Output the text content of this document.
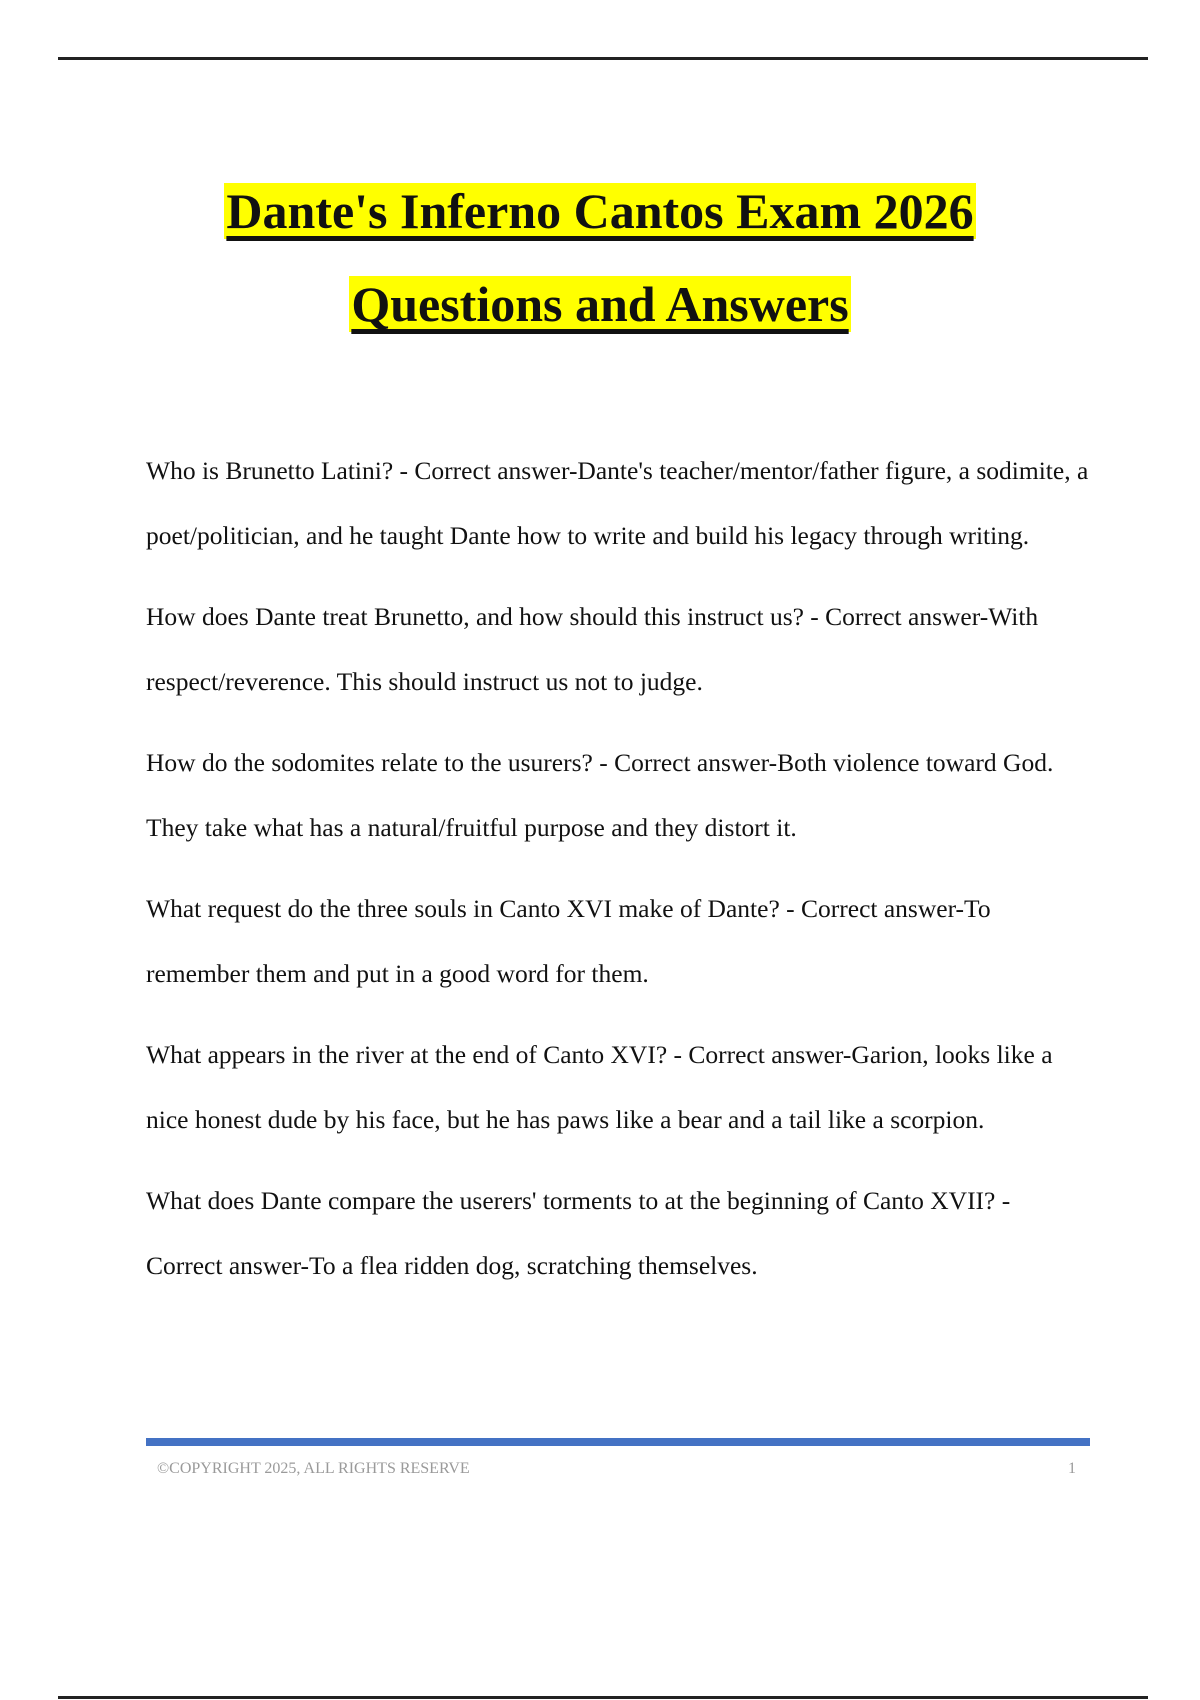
Dante's Inferno Cantos Exam 2026
Questions and Answers

Who is Brunetto Latini? - Correct answer-Dante's teacher/mentor/father figure, a sodimite, a poet/politician, and he taught Dante how to write and build his legacy through writing.

How does Dante treat Brunetto, and how should this instruct us? - Correct answer-With respect/reverence. This should instruct us not to judge.

How do the sodomites relate to the usurers? - Correct answer-Both violence toward God. They take what has a natural/fruitful purpose and they distort it.

What request do the three souls in Canto XVI make of Dante? - Correct answer-To remember them and put in a good word for them.

What appears in the river at the end of Canto XVI? - Correct answer-Garion, looks like a nice honest dude by his face, but he has paws like a bear and a tail like a scorpion.

What does Dante compare the userers' torments to at the beginning of Canto XVII? - Correct answer-To a flea ridden dog, scratching themselves.

©COPYRIGHT 2025, ALL RIGHTS RESERVE	1
